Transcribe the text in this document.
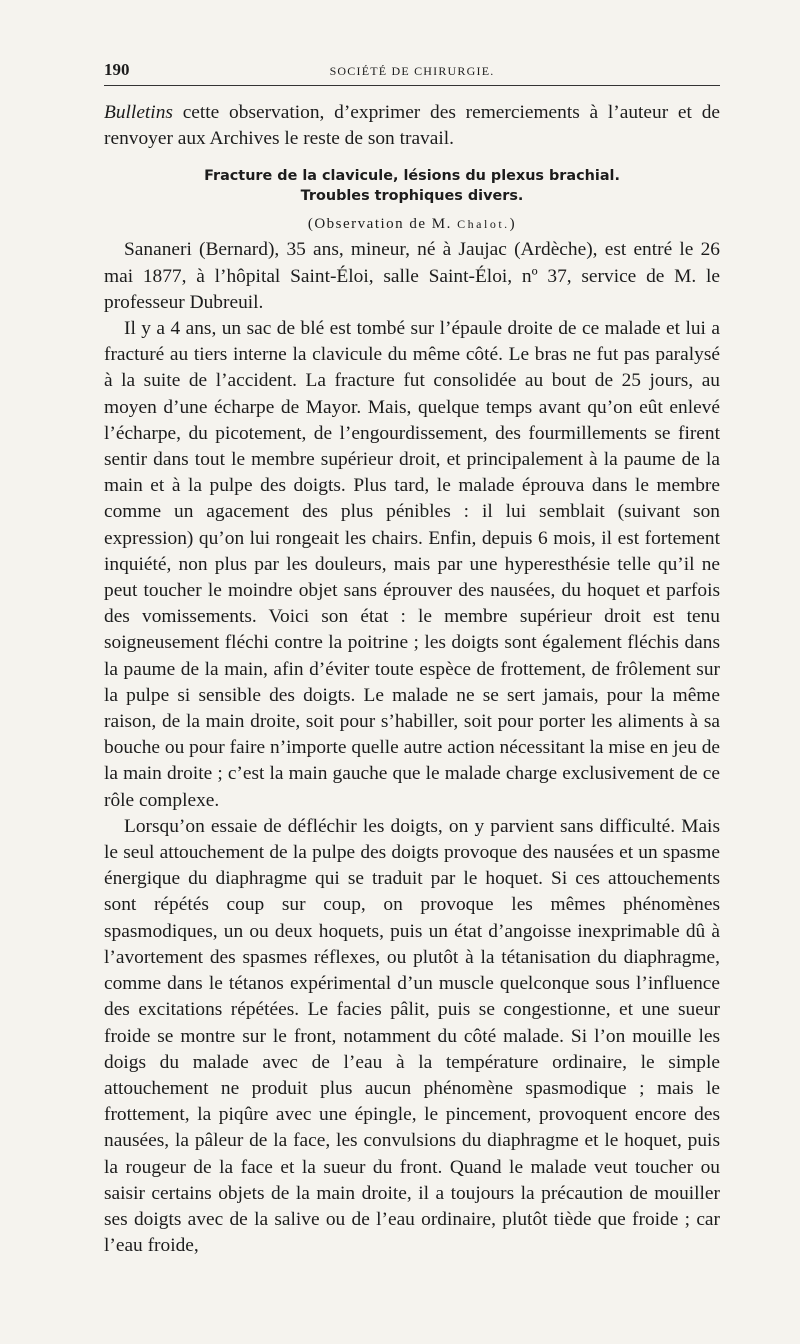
190	SOCIÉTÉ DE CHIRURGIE.

Bulletins cette observation, d’exprimer des remerciements à l’auteur et de renvoyer aux Archives le reste de son travail.

Fracture de la clavicule, lésions du plexus brachial.
Troubles trophiques divers.
(Observation de M. Chalot.)

Sananeri (Bernard), 35 ans, mineur, né à Jaujac (Ardèche), est entré le 26 mai 1877, à l’hôpital Saint-Éloi, salle Saint-Éloi, nº 37, service de M. le professeur Dubreuil.

Il y a 4 ans, un sac de blé est tombé sur l’épaule droite de ce malade et lui a fracturé au tiers interne la clavicule du même côté. Le bras ne fut pas paralysé à la suite de l’accident. La fracture fut consolidée au bout de 25 jours, au moyen d’une écharpe de Mayor. Mais, quelque temps avant qu’on eût enlevé l’écharpe, du picotement, de l’engourdissement, des fourmillements se firent sentir dans tout le membre supérieur droit, et principalement à la paume de la main et à la pulpe des doigts. Plus tard, le malade éprouva dans le membre comme un agacement des plus pénibles : il lui semblait (suivant son expression) qu’on lui rongeait les chairs. Enfin, depuis 6 mois, il est fortement inquiété, non plus par les douleurs, mais par une hyperesthésie telle qu’il ne peut toucher le moindre objet sans éprouver des nausées, du hoquet et parfois des vomissements. Voici son état : le membre supérieur droit est tenu soigneusement fléchi contre la poitrine ; les doigts sont également fléchis dans la paume de la main, afin d’éviter toute espèce de frottement, de frôlement sur la pulpe si sensible des doigts. Le malade ne se sert jamais, pour la même raison, de la main droite, soit pour s’habiller, soit pour porter les aliments à sa bouche ou pour faire n’importe quelle autre action nécessitant la mise en jeu de la main droite ; c’est la main gauche que le malade charge exclusivement de ce rôle complexe.

Lorsqu’on essaie de défléchir les doigts, on y parvient sans difficulté. Mais le seul attouchement de la pulpe des doigts provoque des nausées et un spasme énergique du diaphragme qui se traduit par le hoquet. Si ces attouchements sont répétés coup sur coup, on provoque les mêmes phénomènes spasmodiques, un ou deux hoquets, puis un état d’angoisse inexprimable dû à l’avortement des spasmes réflexes, ou plutôt à la tétanisation du diaphragme, comme dans le tétanos expérimental d’un muscle quelconque sous l’influence des excitations répétées. Le facies pâlit, puis se congestionne, et une sueur froide se montre sur le front, notamment du côté malade. Si l’on mouille les doigs du malade avec de l’eau à la température ordinaire, le simple attouchement ne produit plus aucun phénomène spasmodique ; mais le frottement, la piqûre avec une épingle, le pincement, provoquent encore des nausées, la pâleur de la face, les convulsions du diaphragme et le hoquet, puis la rougeur de la face et la sueur du front. Quand le malade veut toucher ou saisir certains objets de la main droite, il a toujours la précaution de mouiller ses doigts avec de la salive ou de l’eau ordinaire, plutôt tiède que froide ; car l’eau froide,
